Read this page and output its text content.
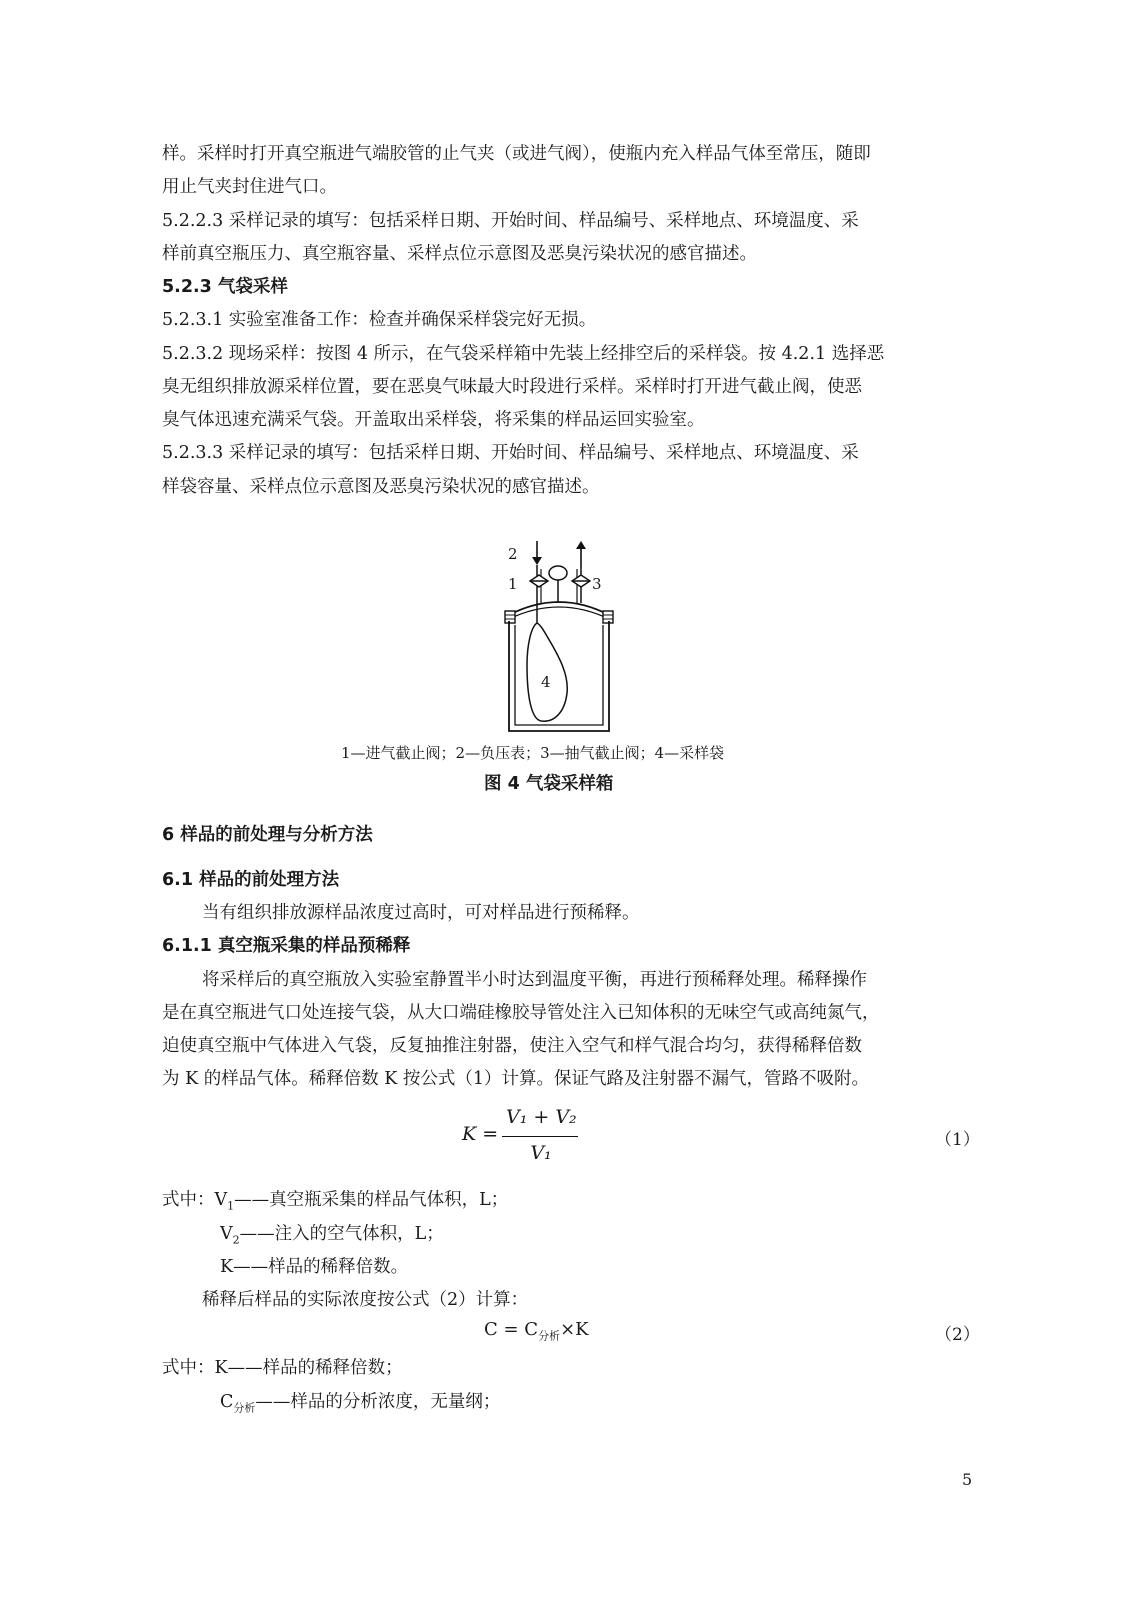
样。采样时打开真空瓶进气端胶管的止气夹（或进气阀），使瓶内充入样品气体至常压，随即
用止气夹封住进气口。
5.2.2.3 采样记录的填写：包括采样日期、开始时间、样品编号、采样地点、环境温度、采
样前真空瓶压力、真空瓶容量、采样点位示意图及恶臭污染状况的感官描述。
5.2.3 气袋采样
5.2.3.1 实验室准备工作：检查并确保采样袋完好无损。
5.2.3.2 现场采样：按图 4 所示，在气袋采样箱中先装上经排空后的采样袋。按 4.2.1 选择恶
臭无组织排放源采样位置，要在恶臭气味最大时段进行采样。采样时打开进气截止阀，使恶
臭气体迅速充满采气袋。开盖取出采样袋，将采集的样品运回实验室。
5.2.3.3 采样记录的填写：包括采样日期、开始时间、样品编号、采样地点、环境温度、采
样袋容量、采样点位示意图及恶臭污染状况的感官描述。
2
1	3
4
1—进气截止阀；2—负压表；3—抽气截止阀；4—采样袋
图 4 气袋采样箱
6 样品的前处理与分析方法
6.1 样品的前处理方法
当有组织排放源样品浓度过高时，可对样品进行预稀释。
6.1.1 真空瓶采集的样品预稀释
将采样后的真空瓶放入实验室静置半小时达到温度平衡，再进行预稀释处理。稀释操作
是在真空瓶进气口处连接气袋，从大口端硅橡胶导管处注入已知体积的无味空气或高纯氮气，
迫使真空瓶中气体进入气袋，反复抽推注射器，使注入空气和样气混合均匀，获得稀释倍数
为 K 的样品气体。稀释倍数 K 按公式（1）计算。保证气路及注射器不漏气，管路不吸附。
K =
V₁ + V₂
V₁
（1）
式中：$V_1——$真空瓶采集的样品气体积，L；
$V_2——$注入的空气体积，L；
K——样品的稀释倍数。
稀释后样品的实际浓度按公式（2）计算：
$C = C_{分析}\times K$	（2）
式中：K——样品的稀释倍数；
$C_{分析}——$样品的分析浓度，无量纲；
5
